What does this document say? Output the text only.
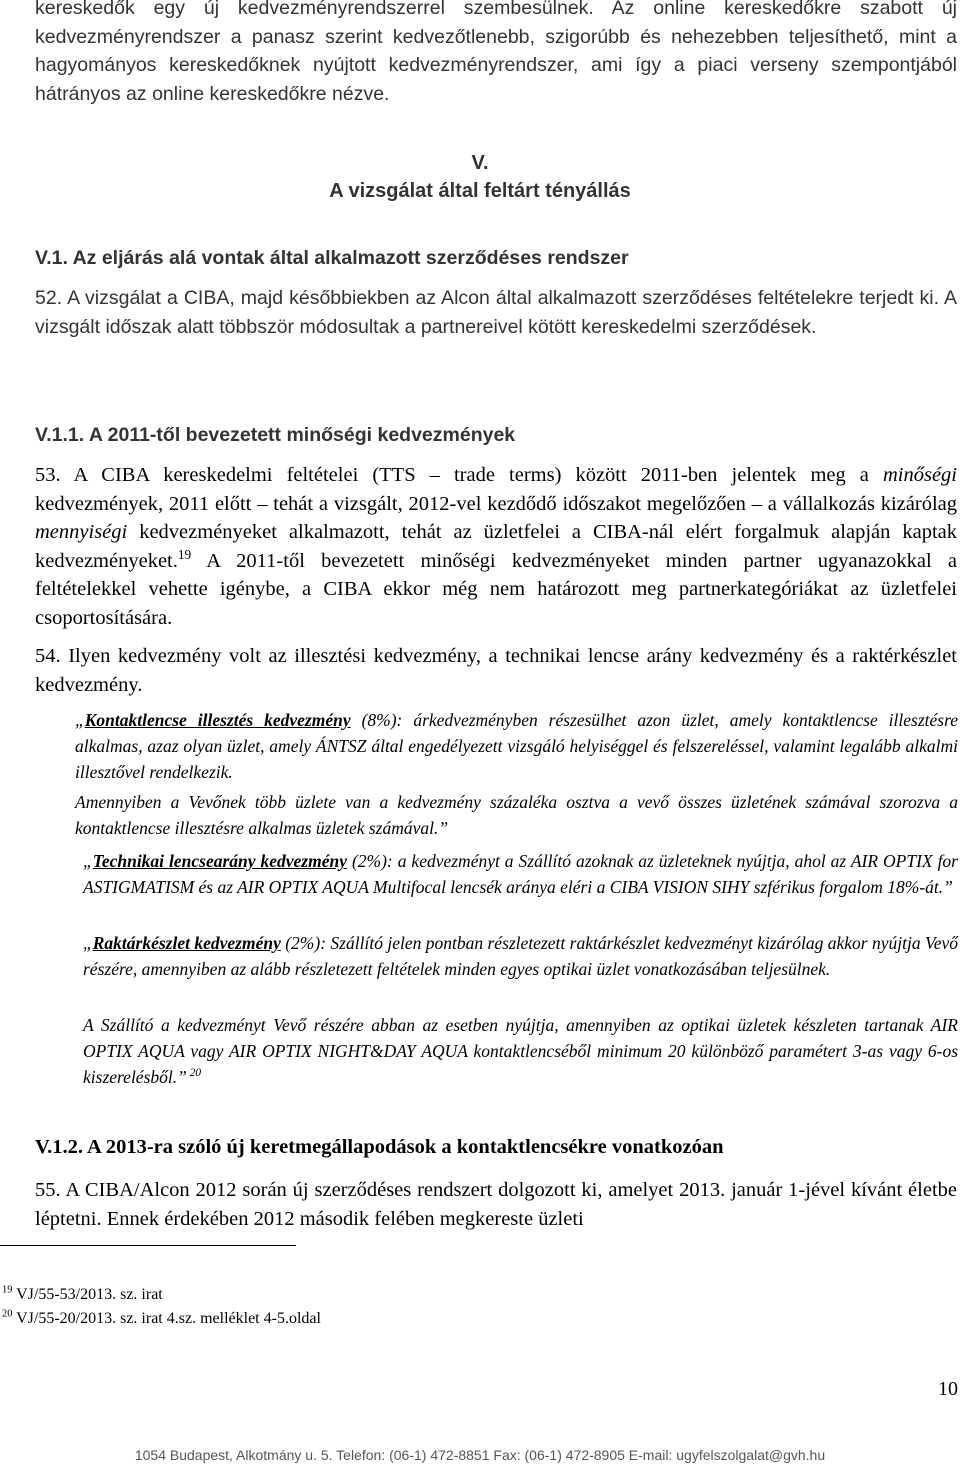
kereskedők egy új kedvezményrendszerrel szembesülnek. Az online kereskedőkre szabott új kedvezményrendszer a panasz szerint kedvezőtlenebb, szigorúbb és nehezebben teljesíthető, mint a hagyományos kereskedőknek nyújtott kedvezményrendszer, ami így a piaci verseny szempontjából hátrányos az online kereskedőkre nézve.

V.

A vizsgálat által feltárt tényállás

V.1. Az eljárás alá vontak által alkalmazott szerződéses rendszer

52. A vizsgálat a CIBA, majd későbbiekben az Alcon által alkalmazott szerződéses feltételekre terjedt ki. A vizsgált időszak alatt többször módosultak a partnereivel kötött kereskedelmi szerződések.

V.1.1. A 2011-től bevezetett minőségi kedvezmények

53. A CIBA kereskedelmi feltételei (TTS – trade terms) között 2011-ben jelentek meg a minőségi kedvezmények, 2011 előtt – tehát a vizsgált, 2012-vel kezdődő időszakot megelőzően – a vállalkozás kizárólag mennyiségi kedvezményeket alkalmazott, tehát az üzletfelei a CIBA-nál elért forgalmuk alapján kaptak kedvezményeket.$^{19}$ A 2011-től bevezetett minőségi kedvezményeket minden partner ugyanazokkal a feltételekkel vehette igénybe, a CIBA ekkor még nem határozott meg partnerkategóriákat az üzletfelei csoportosítására.

54. Ilyen kedvezmény volt az illesztési kedvezmény, a technikai lencse arány kedvezmény és a raktérkészlet kedvezmény.

„Kontaktlencse illesztés kedvezmény (8%): árkedvezményben részesülhet azon üzlet, amely kontaktlencse illesztésre alkalmas, azaz olyan üzlet, amely ÁNTSZ által engedélyezett vizsgáló helyiséggel és felszereléssel, valamint legalább alkalmi illesztővel rendelkezik.

Amennyiben a Vevőnek több üzlete van a kedvezmény százaléka osztva a vevő összes üzletének számával szorozva a kontaktlencse illesztésre alkalmas üzletek számával.”

„Technikai lencsearány kedvezmény (2%): a kedvezményt a Szállító azoknak az üzleteknek nyújtja, ahol az AIR OPTIX for ASTIGMATISM és az AIR OPTIX AQUA Multifocal lencsék aránya eléri a CIBA VISION SIHY szférikus forgalom 18%-át.”

„Raktárkészlet kedvezmény (2%): Szállító jelen pontban részletezett raktárkészlet kedvezményt kizárólag akkor nyújtja Vevő részére, amennyiben az alább részletezett feltételek minden egyes optikai üzlet vonatkozásában teljesülnek.

A Szállító a kedvezményt Vevő részére abban az esetben nyújtja, amennyiben az optikai üzletek készleten tartanak AIR OPTIX AQUA vagy AIR OPTIX NIGHT&DAY AQUA kontaktlencséből minimum 20 különböző paramétert 3-as vagy 6-os kiszerelésből.” $^{20}$

V.1.2. A 2013-ra szóló új keretmegállapodások a kontaktlencsékre vonatkozóan

55. A CIBA/Alcon 2012 során új szerződéses rendszert dolgozott ki, amelyet 2013. január 1-jével kívánt életbe léptetni. Ennek érdekében 2012 második felében megkereste üzleti

$^{19}$ VJ/55-53/2013. sz. irat

$^{20}$ VJ/55-20/2013. sz. irat 4.sz. melléklet 4-5.oldal

10

1054 Budapest, Alkotmány u. 5. Telefon: (06-1) 472-8851 Fax: (06-1) 472-8905 E-mail: ugyfelszolgalat@gvh.hu
